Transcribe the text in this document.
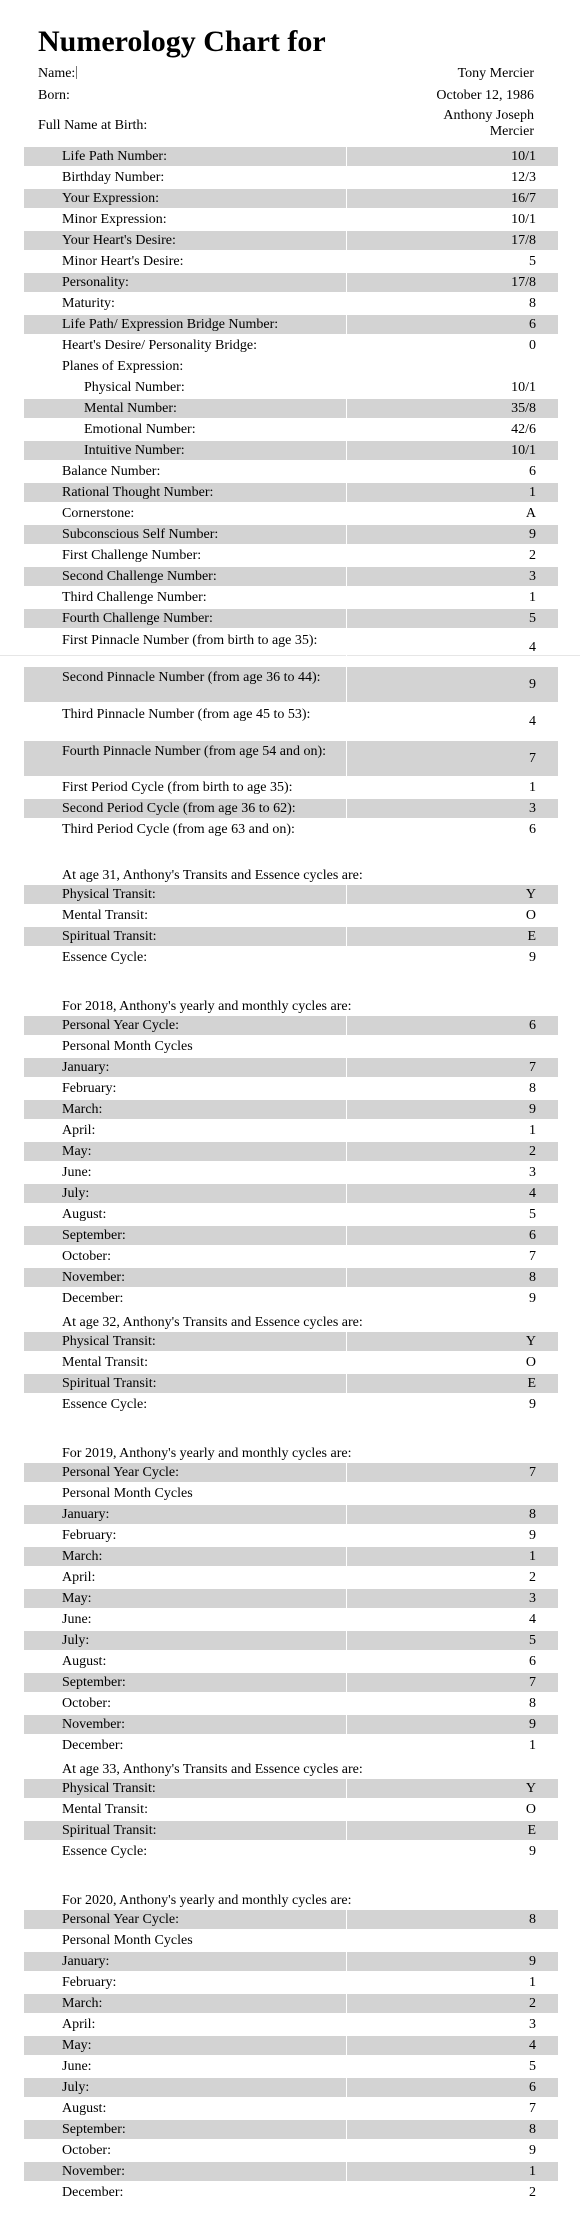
Numerology Chart for
Name:	Tony Mercier
Born:	October 12, 1986
Full Name at Birth:
Anthony Joseph Mercier
Life Path Number:	10/1
Birthday Number:	12/3
Your Expression:	16/7
Minor Expression:	10/1
Your Heart's Desire:	17/8
Minor Heart's Desire:	5
Personality:	17/8
Maturity:	8
Life Path/ Expression Bridge Number:	6
Heart's Desire/ Personality Bridge:	0
Planes of Expression:
Physical Number:	10/1
Mental Number:	35/8
Emotional Number:	42/6
Intuitive Number:	10/1
Balance Number:	6
Rational Thought Number:	1
Cornerstone:	A
Subconscious Self Number:	9
First Challenge Number:	2
Second Challenge Number:	3
Third Challenge Number:	1
Fourth Challenge Number:	5
First Pinnacle Number (from birth to age 35):	4
Second Pinnacle Number (from age 36 to 44):	9
Third Pinnacle Number (from age 45 to 53):	4
Fourth Pinnacle Number (from age 54 and on):	7
First Period Cycle (from birth to age 35):	1
Second Period Cycle (from age 36 to 62):	3
Third Period Cycle (from age 63 and on):	6
At age 31, Anthony's Transits and Essence cycles are:
Physical Transit:	Y
Mental Transit:	O
Spiritual Transit:	E
Essence Cycle:	9
For 2018, Anthony's yearly and monthly cycles are:
Personal Year Cycle:	6
Personal Month Cycles
January:	7
February:	8
March:	9
April:	1
May:	2
June:	3
July:	4
August:	5
September:	6
October:	7
November:	8
December:	9
At age 32, Anthony's Transits and Essence cycles are:
Physical Transit:	Y
Mental Transit:	O
Spiritual Transit:	E
Essence Cycle:	9
For 2019, Anthony's yearly and monthly cycles are:
Personal Year Cycle:	7
Personal Month Cycles
January:	8
February:	9
March:	1
April:	2
May:	3
June:	4
July:	5
August:	6
September:	7
October:	8
November:	9
December:	1
At age 33, Anthony's Transits and Essence cycles are:
Physical Transit:	Y
Mental Transit:	O
Spiritual Transit:	E
Essence Cycle:	9
For 2020, Anthony's yearly and monthly cycles are:
Personal Year Cycle:	8
Personal Month Cycles
January:	9
February:	1
March:	2
April:	3
May:	4
June:	5
July:	6
August:	7
September:	8
October:	9
November:	1
December:	2
